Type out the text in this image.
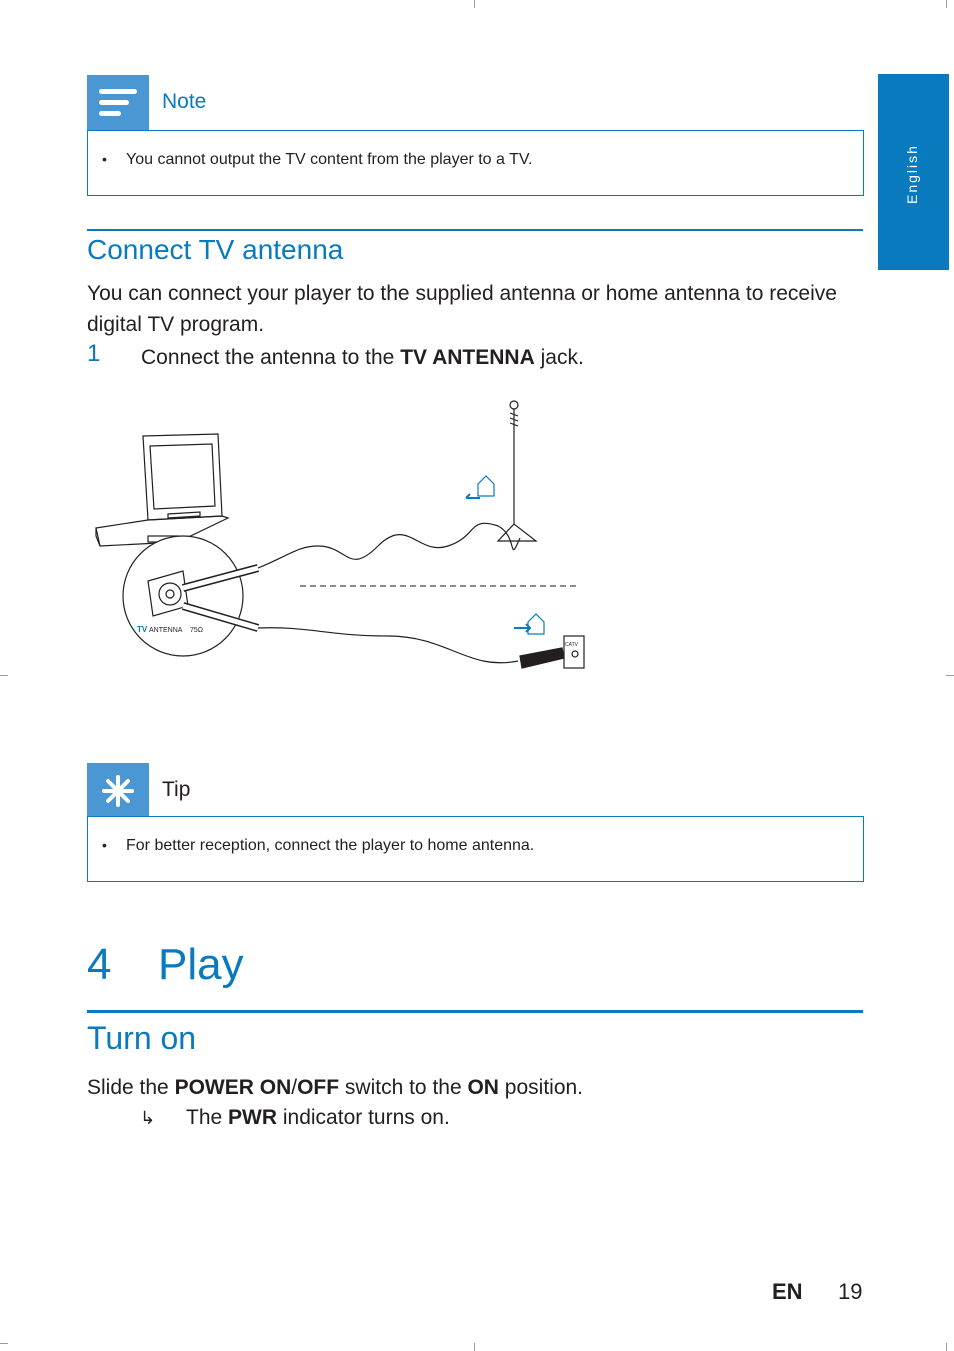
English
Note
• You cannot output the TV content from the player to a TV.
Connect TV antenna
You can connect your player to the supplied antenna or home antenna to receive digital TV program.
1 Connect the antenna to the TV ANTENNA jack.
TV ANTENNA 75Ω
CATV
Tip
• For better reception, connect the player to home antenna.
4 Play
Turn on
Slide the POWER ON/OFF switch to the ON position.
↳ The PWR indicator turns on.
EN 19
